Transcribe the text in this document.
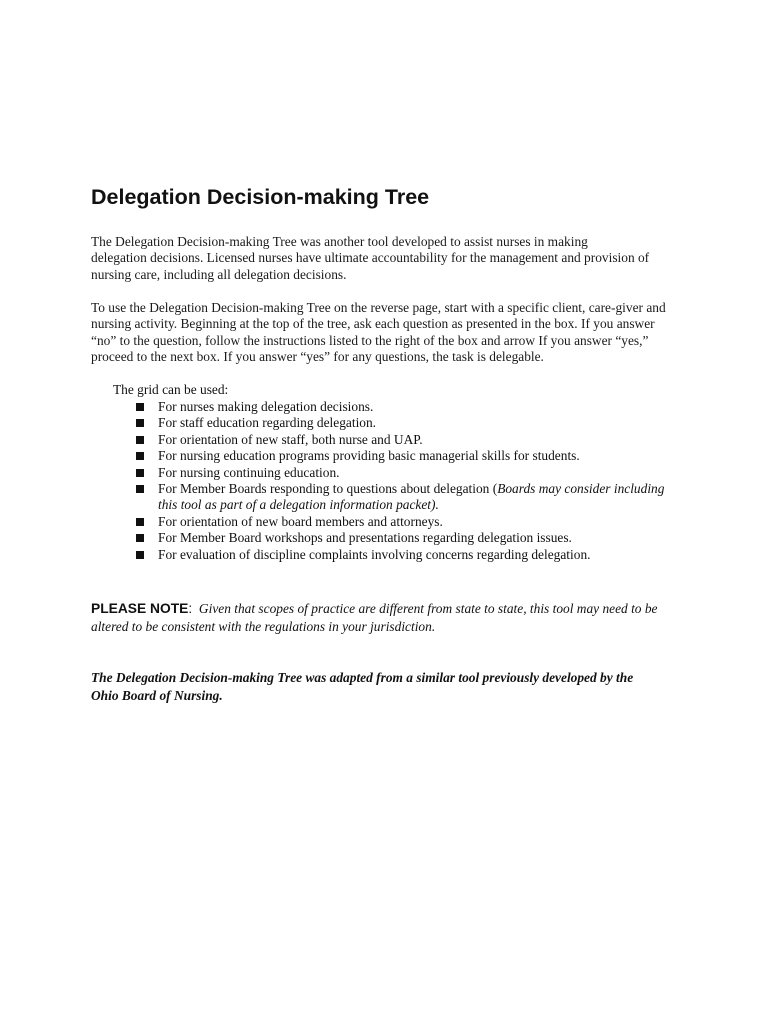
Delegation Decision-making Tree

The Delegation Decision-making Tree was another tool developed to assist nurses in making
delegation decisions. Licensed nurses have ultimate accountability for the management and provision of
nursing care, including all delegation decisions.

To use the Delegation Decision-making Tree on the reverse page, start with a specific client, care-giver and
nursing activity. Beginning at the top of the tree, ask each question as presented in the box. If you answer
“no” to the question, follow the instructions listed to the right of the box and arrow If you answer “yes,”
proceed to the next box. If you answer “yes” for any questions, the task is delegable.

The grid can be used:

For nurses making delegation decisions.
For staff education regarding delegation.
For orientation of new staff, both nurse and UAP.
For nursing education programs providing basic managerial skills for students.
For nursing continuing education.
For Member Boards responding to questions about delegation (Boards may consider including
this tool as part of a delegation information packet).
For orientation of new board members and attorneys.
For Member Board workshops and presentations regarding delegation issues.
For evaluation of discipline complaints involving concerns regarding delegation.

PLEASE NOTE: Given that scopes of practice are different from state to state, this tool may need to be
altered to be consistent with the regulations in your jurisdiction.

The Delegation Decision-making Tree was adapted from a similar tool previously developed by the
Ohio Board of Nursing.
